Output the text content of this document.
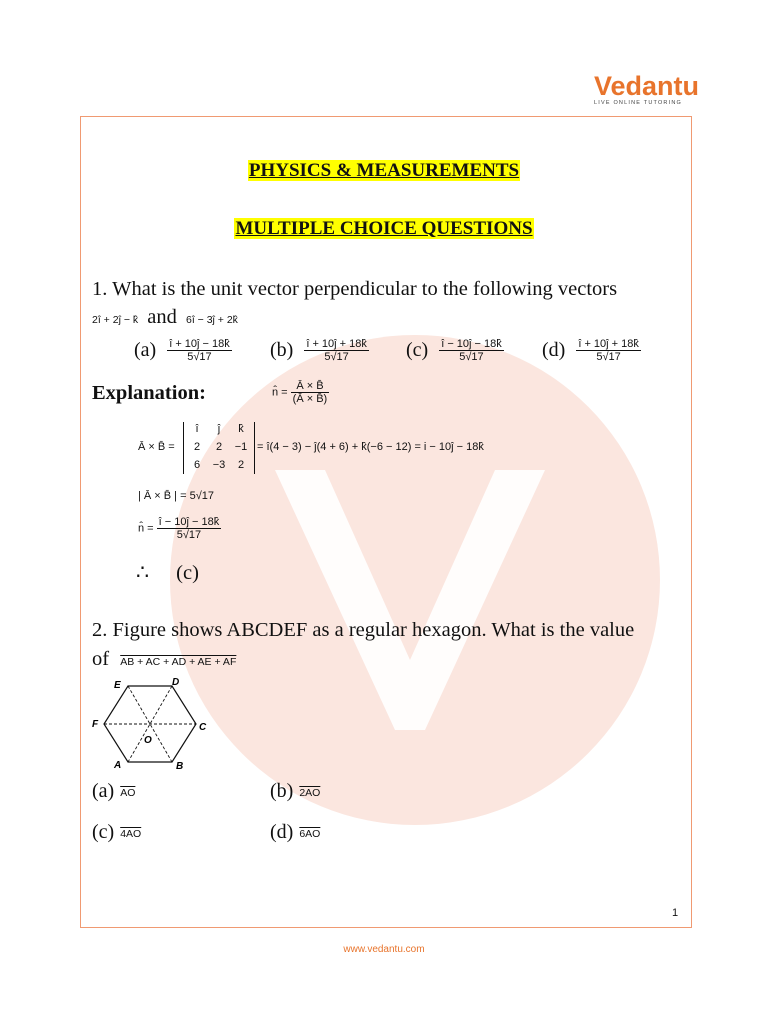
Vedantu
LIVE ONLINE TUTORING
PHYSICS & MEASUREMENTS
MULTIPLE CHOICE QUESTIONS
1. What is the unit vector perpendicular to the following vectors
2î + 2ĵ − k̂ and 6î − 3ĵ + 2k̂
$(a) \frac{î + 10ĵ - 18k̂}{5√17} (b) \frac{î + 10ĵ + 18k̂}{5√17} (c) \frac{î - 10ĵ - 18k̂}{5√17} (d) \frac{î + 10ĵ + 18k̂}{5√17}$
Explanation:	n̂ = $\frac{Ā \times B̄}{(Ā \times B̄)}$
Ā × B̄ =
î	ĵ	k̂
2	2	−1
6	−3	2
= î(4 − 3) − ĵ(4 + 6) + k̂(−6 − 12) = i − 10ĵ − 18k̂
| Ā × B̄ | = 5√17
n̂ = $\frac{î - 10ĵ - 18k̂}{5√17}$
∴ (c)
2. Figure shows ABCDEF as a regular hexagon. What is the value
of AB + AC + AD + AE + AF
E	D
F	C
O
A	B
(a) $\overline{AO}$	(b) 2AO
(c) 4AO	(d) 6AO
1
www.vedantu.com
